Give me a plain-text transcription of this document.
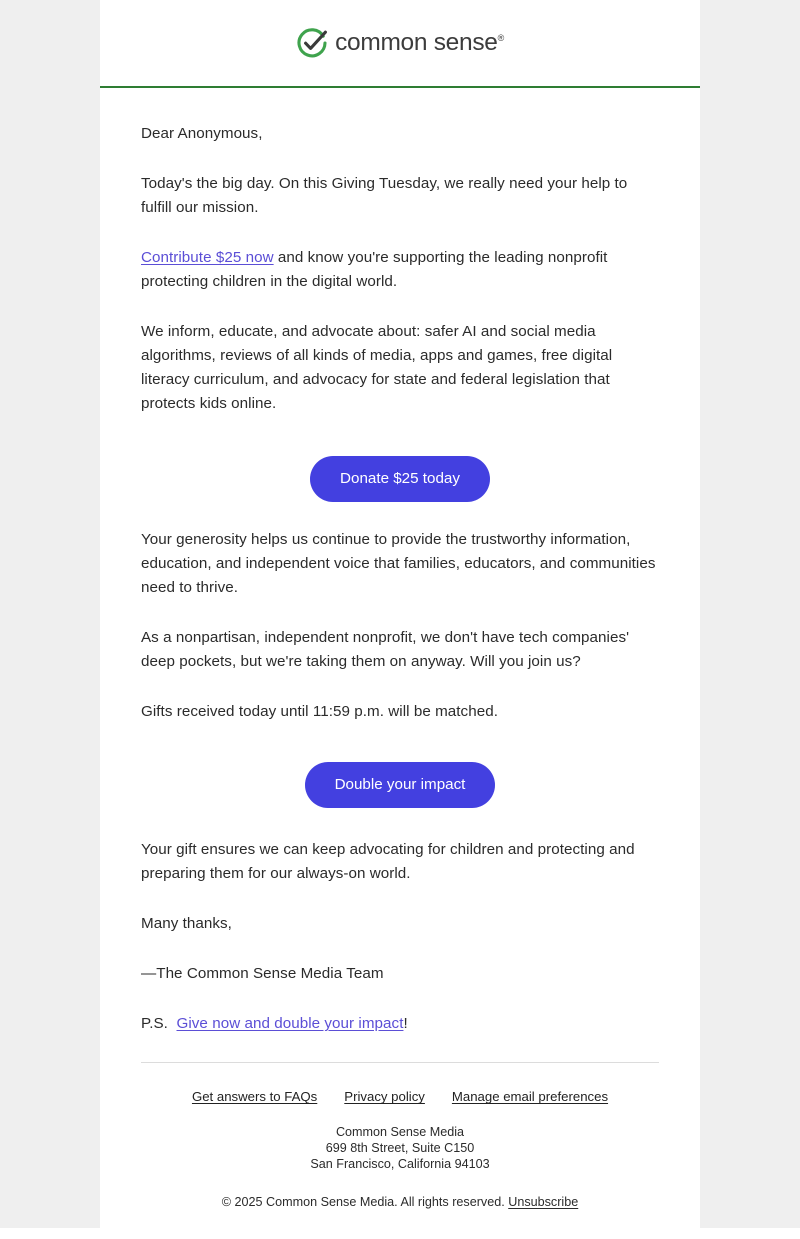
common sense®

Dear Anonymous,

Today's the big day. On this Giving Tuesday, we really need your help to fulfill our mission.

Contribute $25 now and know you're supporting the leading nonprofit protecting children in the digital world.

We inform, educate, and advocate about: safer AI and social media algorithms, reviews of all kinds of media, apps and games, free digital literacy curriculum, and advocacy for state and federal legislation that protects kids online.

Donate $25 today

Your generosity helps us continue to provide the trustworthy information, education, and independent voice that families, educators, and communities need to thrive.

As a nonpartisan, independent nonprofit, we don't have tech companies' deep pockets, but we're taking them on anyway. Will you join us?

Gifts received today until 11:59 p.m. will be matched.

Double your impact

Your gift ensures we can keep advocating for children and protecting and preparing them for our always-on world.

Many thanks,

—The Common Sense Media Team

P.S. Give now and double your impact!

Get answers to FAQs Privacy policy Manage email preferences
Common Sense Media
699 8th Street, Suite C150
San Francisco, California 94103
© 2025 Common Sense Media. All rights reserved. Unsubscribe
